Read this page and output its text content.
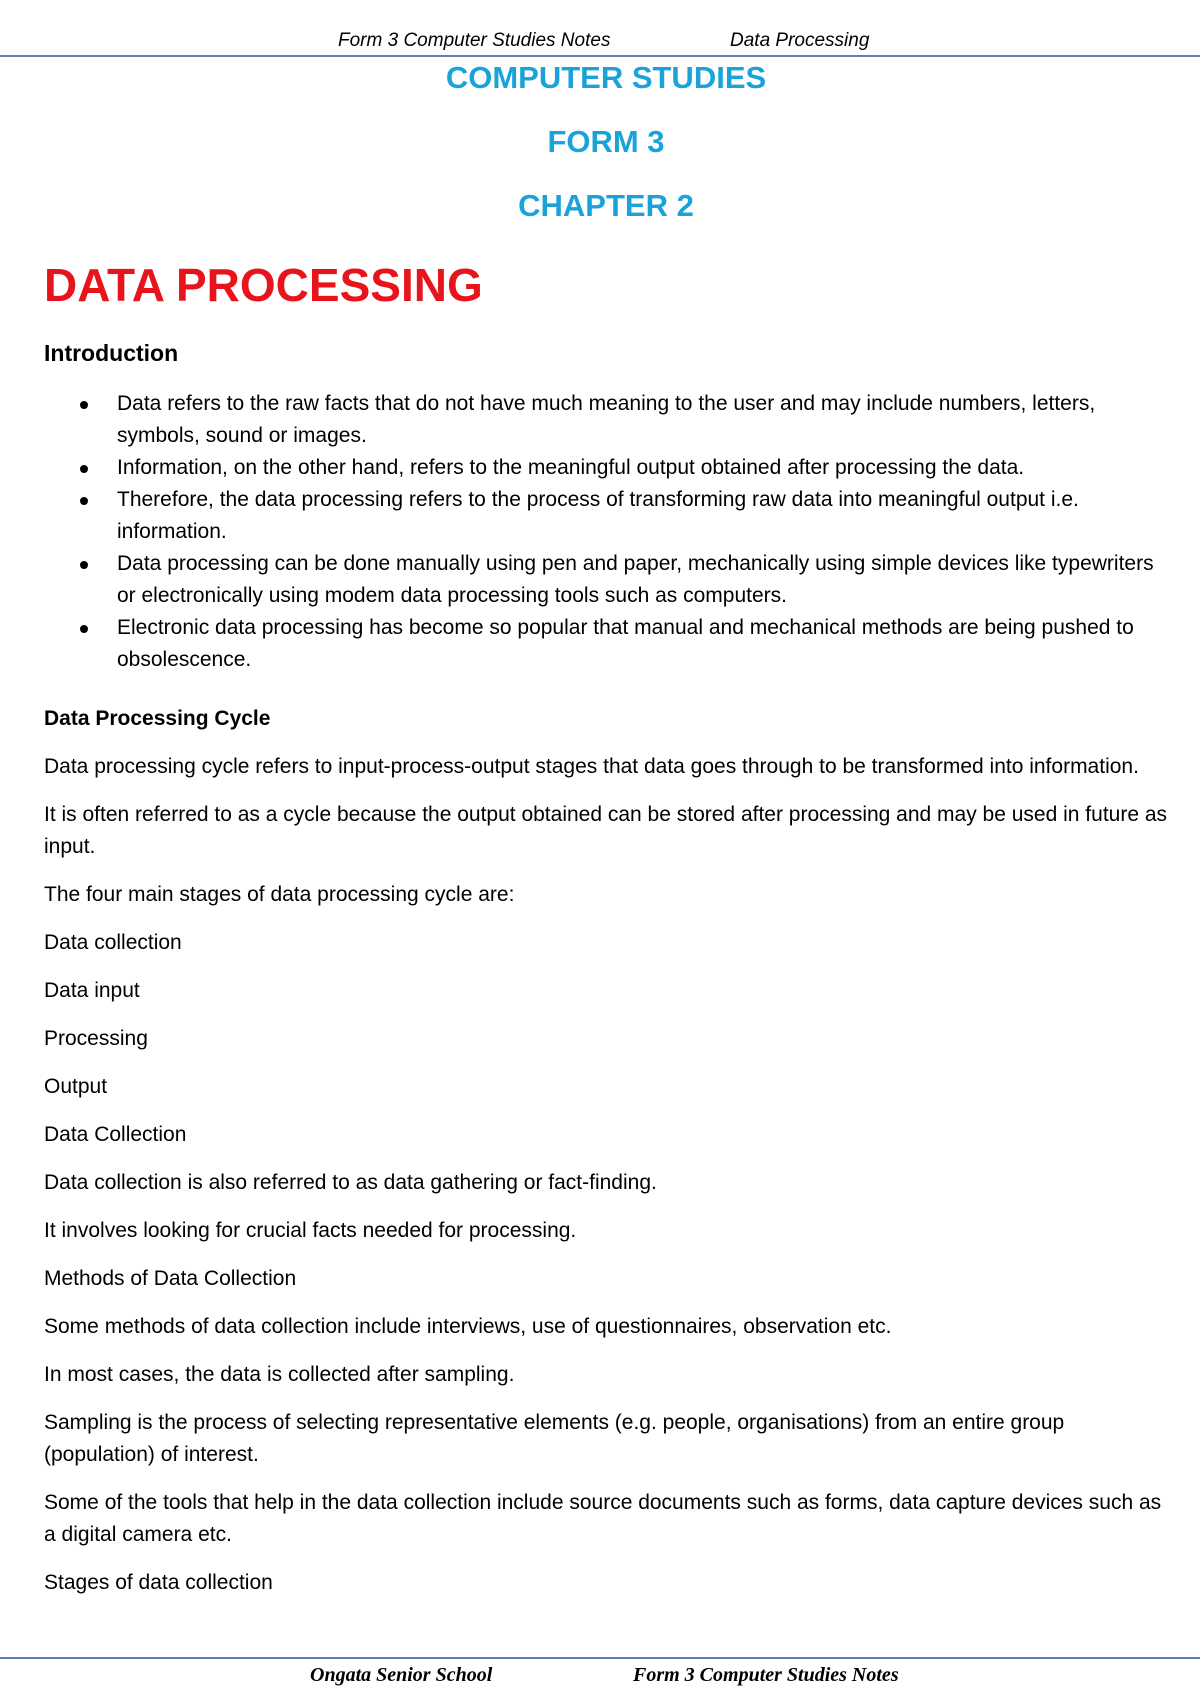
Form 3 Computer Studies Notes	Data Processing
COMPUTER STUDIES
FORM 3
CHAPTER 2
DATA PROCESSING
Introduction
Data refers to the raw facts that do not have much meaning to the user and may include numbers, letters, symbols, sound or images.
Information, on the other hand, refers to the meaningful output obtained after processing the data.
Therefore, the data processing refers to the process of transforming raw data into meaningful output i.e. information.
Data processing can be done manually using pen and paper, mechanically using simple devices like typewriters or electronically using modem data processing tools such as computers.
Electronic data processing has become so popular that manual and mechanical methods are being pushed to obsolescence.

Data Processing Cycle

Data processing cycle refers to input-process-output stages that data goes through to be transformed into information.

It is often referred to as a cycle because the output obtained can be stored after processing and may be used in future as input.

The four main stages of data processing cycle are:

Data collection

Data input

Processing

Output

Data Collection

Data collection is also referred to as data gathering or fact-finding.

It involves looking for crucial facts needed for processing.

Methods of Data Collection

Some methods of data collection include interviews, use of questionnaires, observation etc.

In most cases, the data is collected after sampling.

Sampling is the process of selecting representative elements (e.g. people, organisations) from an entire group (population) of interest.

Some of the tools that help in the data collection include source documents such as forms, data capture devices such as a digital camera etc.

Stages of data collection

Ongata Senior School	Form 3 Computer Studies Notes
